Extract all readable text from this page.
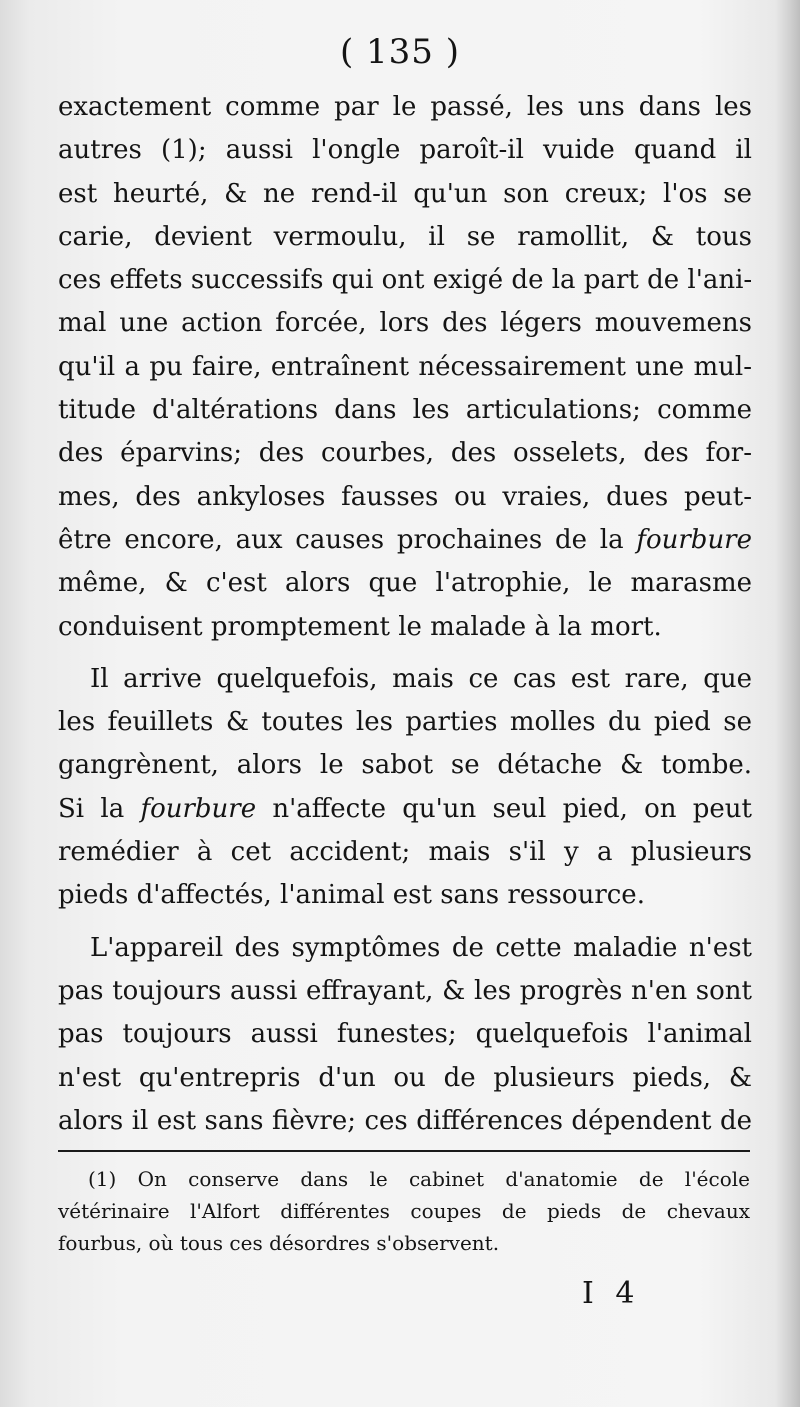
( 135 )
exactement comme par le passé, les uns dans les
autres (1); aussi l'ongle paroît-il vuide quand il
est heurté, & ne rend-il qu'un son creux; l'os se
carie, devient vermoulu, il se ramollit, & tous
ces effets successifs qui ont exigé de la part de l'ani-
mal une action forcée, lors des légers mouvemens
qu'il a pu faire, entraînent nécessairement une mul-
titude d'altérations dans les articulations; comme
des éparvins; des courbes, des osselets, des for-
mes, des ankyloses fausses ou vraies, dues peut-
être encore, aux causes prochaines de la fourbure
même, & c'est alors que l'atrophie, le marasme
conduisent promptement le malade à la mort.
Il arrive quelquefois, mais ce cas est rare, que
les feuillets & toutes les parties molles du pied se
gangrènent, alors le sabot se détache & tombe.
Si la fourbure n'affecte qu'un seul pied, on peut
remédier à cet accident; mais s'il y a plusieurs
pieds d'affectés, l'animal est sans ressource.
L'appareil des symptômes de cette maladie n'est
pas toujours aussi effrayant, & les progrès n'en sont
pas toujours aussi funestes; quelquefois l'animal
n'est qu'entrepris d'un ou de plusieurs pieds, &
alors il est sans fièvre; ces différences dépendent de
(1) On conserve dans le cabinet d'anatomie de l'école
vétérinaire l'Alfort différentes coupes de pieds de chevaux
fourbus, où tous ces désordres s'observent.
I 4
